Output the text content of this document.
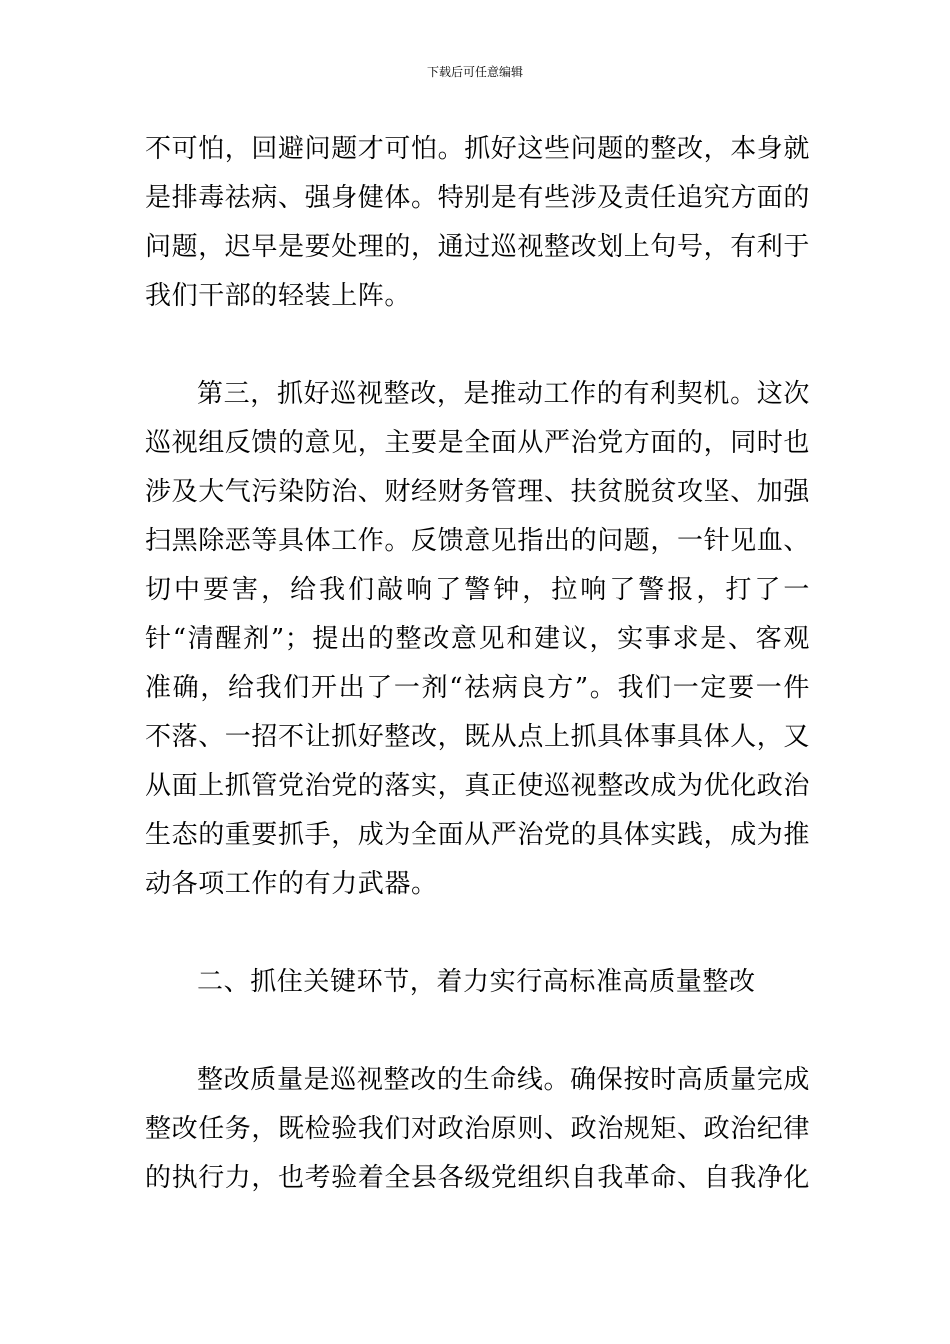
下载后可任意编辑

不可怕，回避问题才可怕。抓好这些问题的整改，本身就是排毒祛病、强身健体。特别是有些涉及责任追究方面的问题，迟早是要处理的，通过巡视整改划上句号，有利于我们干部的轻装上阵。

第三，抓好巡视整改，是推动工作的有利契机。这次巡视组反馈的意见，主要是全面从严治党方面的，同时也涉及大气污染防治、财经财务管理、扶贫脱贫攻坚、加强扫黑除恶等具体工作。反馈意见指出的问题，一针见血、切中要害，给我们敲响了警钟，拉响了警报，打了一针“清醒剂”；提出的整改意见和建议，实事求是、客观准确，给我们开出了一剂“祛病良方”。我们一定要一件不落、一招不让抓好整改，既从点上抓具体事具体人，又从面上抓管党治党的落实，真正使巡视整改成为优化政治生态的重要抓手，成为全面从严治党的具体实践，成为推动各项工作的有力武器。

二、抓住关键环节，着力实行高标准高质量整改

整改质量是巡视整改的生命线。确保按时高质量完成整改任务，既检验我们对政治原则、政治规矩、政治纪律的执行力，也考验着全县各级党组织自我革命、自我净化
